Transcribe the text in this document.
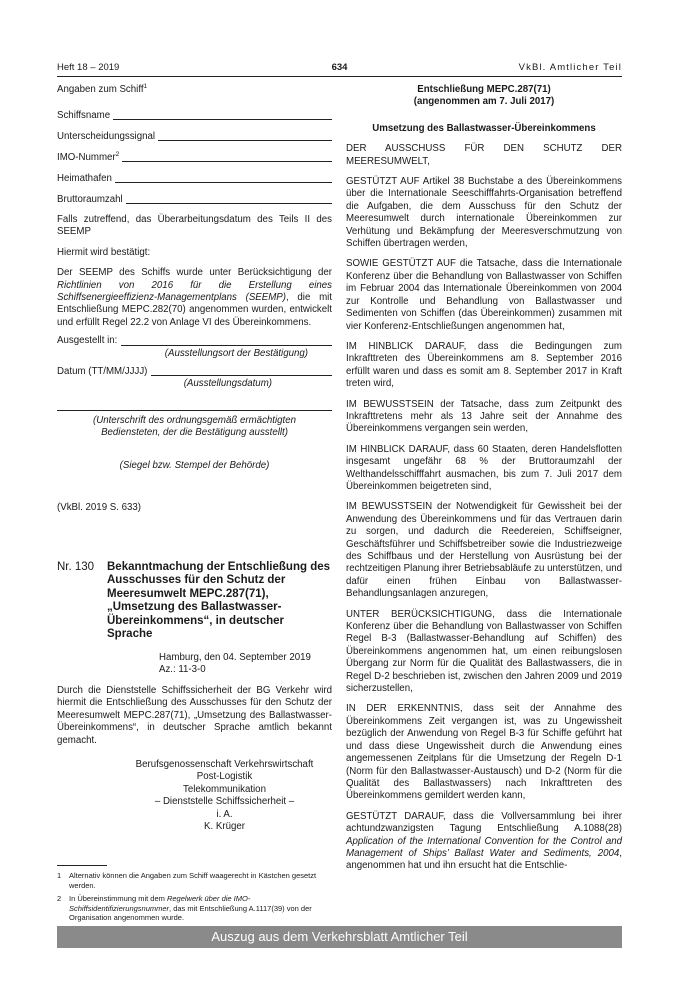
Heft 18 – 2019	634	VkBl. Amtlicher Teil
Angaben zum Schiff$^1$
Schiffsname
Unterscheidungssignal
IMO-Nummer$^2$
Heimathafen
Bruttoraumzahl

Falls zutreffend, das Überarbeitungsdatum des Teils II des SEEMP

Hiermit wird bestätigt:

Der SEEMP des Schiffs wurde unter Berücksichtigung der Richtlinien von 2016 für die Erstellung eines Schiffsenergieeffizienz-Managementplans (SEEMP), die mit Entschließung MEPC.282(70) angenommen wurden, entwickelt und erfüllt Regel 22.2 von Anlage VI des Übereinkommens.

Ausgestellt in:
(Ausstellungsort der Bestätigung)
Datum (TT/MM/JJJJ)
(Ausstellungsdatum)
(Unterschrift des ordnungsgemäß ermächtigten Bediensteten, der die Bestätigung ausstellt)
(Siegel bzw. Stempel der Behörde)

(VkBl. 2019 S. 633)

Nr. 130	Bekanntmachung der Entschließung des Ausschusses für den Schutz der Meeresumwelt MEPC.287(71), „Umsetzung des Ballastwasser-Übereinkommens“, in deutscher Sprache
Hamburg, den 04. September 2019
Az.: 11-3-0

Durch die Dienststelle Schiffssicherheit der BG Verkehr wird hiermit die Entschließung des Ausschusses für den Schutz der Meeresumwelt MEPC.287(71), „Umsetzung des Ballastwasser-Übereinkommens“, in deutscher Sprache amtlich bekannt gemacht.

Berufsgenossenschaft Verkehrswirtschaft
Post-Logistik
Telekommunikation
– Dienststelle Schiffssicherheit –
i. A.
K. Krüger
1	Alternativ können die Angaben zum Schiff waagerecht in Kästchen gesetzt werden.
2	In Übereinstimmung mit dem Regelwerk über die IMO-Schiffsidentifizierungsnummer, das mit Entschließung A.1117(39) von der Organisation angenommen wurde.
Entschließung MEPC.287(71)
(angenommen am 7. Juli 2017)
Umsetzung des Ballastwasser-Übereinkommens

DER AUSSCHUSS FÜR DEN SCHUTZ DER MEERESUMWELT,

GESTÜTZT AUF Artikel 38 Buchstabe a des Übereinkommens über die Internationale Seeschifffahrts-Organisation betreffend die Aufgaben, die dem Ausschuss für den Schutz der Meeresumwelt durch internationale Übereinkommen zur Verhütung und Bekämpfung der Meeresverschmutzung von Schiffen übertragen werden,

SOWIE GESTÜTZT AUF die Tatsache, dass die Internationale Konferenz über die Behandlung von Ballastwasser von Schiffen im Februar 2004 das Internationale Übereinkommen von 2004 zur Kontrolle und Behandlung von Ballastwasser und Sedimenten von Schiffen (das Übereinkommen) zusammen mit vier Konferenz-Entschließungen angenommen hat,

IM HINBLICK DARAUF, dass die Bedingungen zum Inkrafttreten des Übereinkommens am 8. September 2016 erfüllt waren und dass es somit am 8. September 2017 in Kraft treten wird,

IM BEWUSSTSEIN der Tatsache, dass zum Zeitpunkt des Inkrafttretens mehr als 13 Jahre seit der Annahme des Übereinkommens vergangen sein werden,

IM HINBLICK DARAUF, dass 60 Staaten, deren Handelsflotten insgesamt ungefähr 68 % der Bruttoraumzahl der Welthandelsschifffahrt ausmachen, bis zum 7. Juli 2017 dem Übereinkommen beigetreten sind,

IM BEWUSSTSEIN der Notwendigkeit für Gewissheit bei der Anwendung des Übereinkommens und für das Vertrauen darin zu sorgen, und dadurch die Reedereien, Schiffseigner, Geschäftsführer und Schiffsbetreiber sowie die Industriezweige des Schiffbaus und der Herstellung von Ausrüstung bei der rechtzeitigen Planung ihrer Betriebsabläufe zu unterstützen, und dafür einen frühen Einbau von Ballastwasser-Behandlungsanlagen anzuregen,

UNTER BERÜCKSICHTIGUNG, dass die Internationale Konferenz über die Behandlung von Ballastwasser von Schiffen Regel B-3 (Ballastwasser-Behandlung auf Schiffen) des Übereinkommens angenommen hat, um einen reibungslosen Übergang zur Norm für die Qualität des Ballastwassers, die in Regel D-2 beschrieben ist, zwischen den Jahren 2009 und 2019 sicherzustellen,

IN DER ERKENNTNIS, dass seit der Annahme des Übereinkommens Zeit vergangen ist, was zu Ungewissheit bezüglich der Anwendung von Regel B-3 für Schiffe geführt hat und dass diese Ungewissheit durch die Anwendung eines angemessenen Zeitplans für die Umsetzung der Regeln D-1 (Norm für den Ballastwasser-Austausch) und D-2 (Norm für die Qualität des Ballastwassers) nach Inkrafttreten des Übereinkommens gemildert werden kann,

GESTÜTZT DARAUF, dass die Vollversammlung bei ihrer achtundzwanzigsten Tagung Entschließung A.1088(28) Application of the International Convention for the Control and Management of Ships’ Ballast Water and Sediments, 2004, angenommen hat und ihn ersucht hat die Entschlie-

Auszug aus dem Verkehrsblatt Amtlicher Teil
